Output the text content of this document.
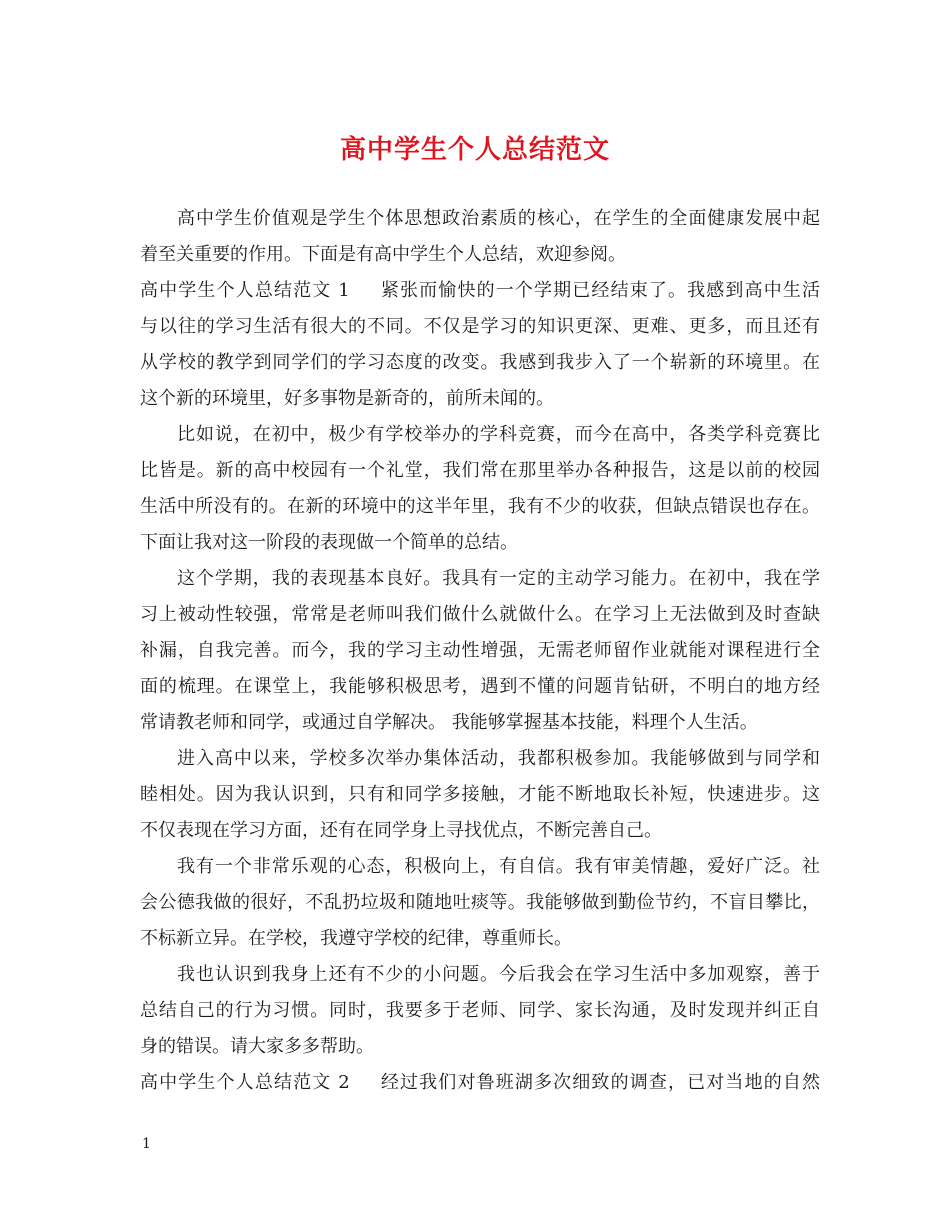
高中学生个人总结范文
高中学生价值观是学生个体思想政治素质的核心，在学生的全面健康发展中起
着至关重要的作用。下面是有高中学生个人总结，欢迎参阅。
高中学生个人总结范文 1 紧张而愉快的一个学期已经结束了。我感到高中生活
与以往的学习生活有很大的不同。不仅是学习的知识更深、更难、更多，而且还有
从学校的教学到同学们的学习态度的改变。我感到我步入了一个崭新的环境里。在
这个新的环境里，好多事物是新奇的，前所未闻的。
比如说，在初中，极少有学校举办的学科竞赛，而今在高中，各类学科竞赛比
比皆是。新的高中校园有一个礼堂，我们常在那里举办各种报告，这是以前的校园
生活中所没有的。在新的环境中的这半年里，我有不少的收获，但缺点错误也存在。
下面让我对这一阶段的表现做一个简单的总结。
这个学期，我的表现基本良好。我具有一定的主动学习能力。在初中，我在学
习上被动性较强，常常是老师叫我们做什么就做什么。在学习上无法做到及时查缺
补漏，自我完善。而今，我的学习主动性增强，无需老师留作业就能对课程进行全
面的梳理。在课堂上，我能够积极思考，遇到不懂的问题肯钻研，不明白的地方经
常请教老师和同学，或通过自学解决。 我能够掌握基本技能，料理个人生活。
进入高中以来，学校多次举办集体活动，我都积极参加。我能够做到与同学和
睦相处。因为我认识到，只有和同学多接触，才能不断地取长补短，快速进步。这
不仅表现在学习方面，还有在同学身上寻找优点，不断完善自己。
我有一个非常乐观的心态，积极向上，有自信。我有审美情趣，爱好广泛。社
会公德我做的很好，不乱扔垃圾和随地吐痰等。我能够做到勤俭节约，不盲目攀比，
不标新立异。在学校，我遵守学校的纪律，尊重师长。
我也认识到我身上还有不少的小问题。今后我会在学习生活中多加观察，善于
总结自己的行为习惯。同时，我要多于老师、同学、家长沟通，及时发现并纠正自
身的错误。请大家多多帮助。
高中学生个人总结范文 2 经过我们对鲁班湖多次细致的调查，已对当地的自然
1
